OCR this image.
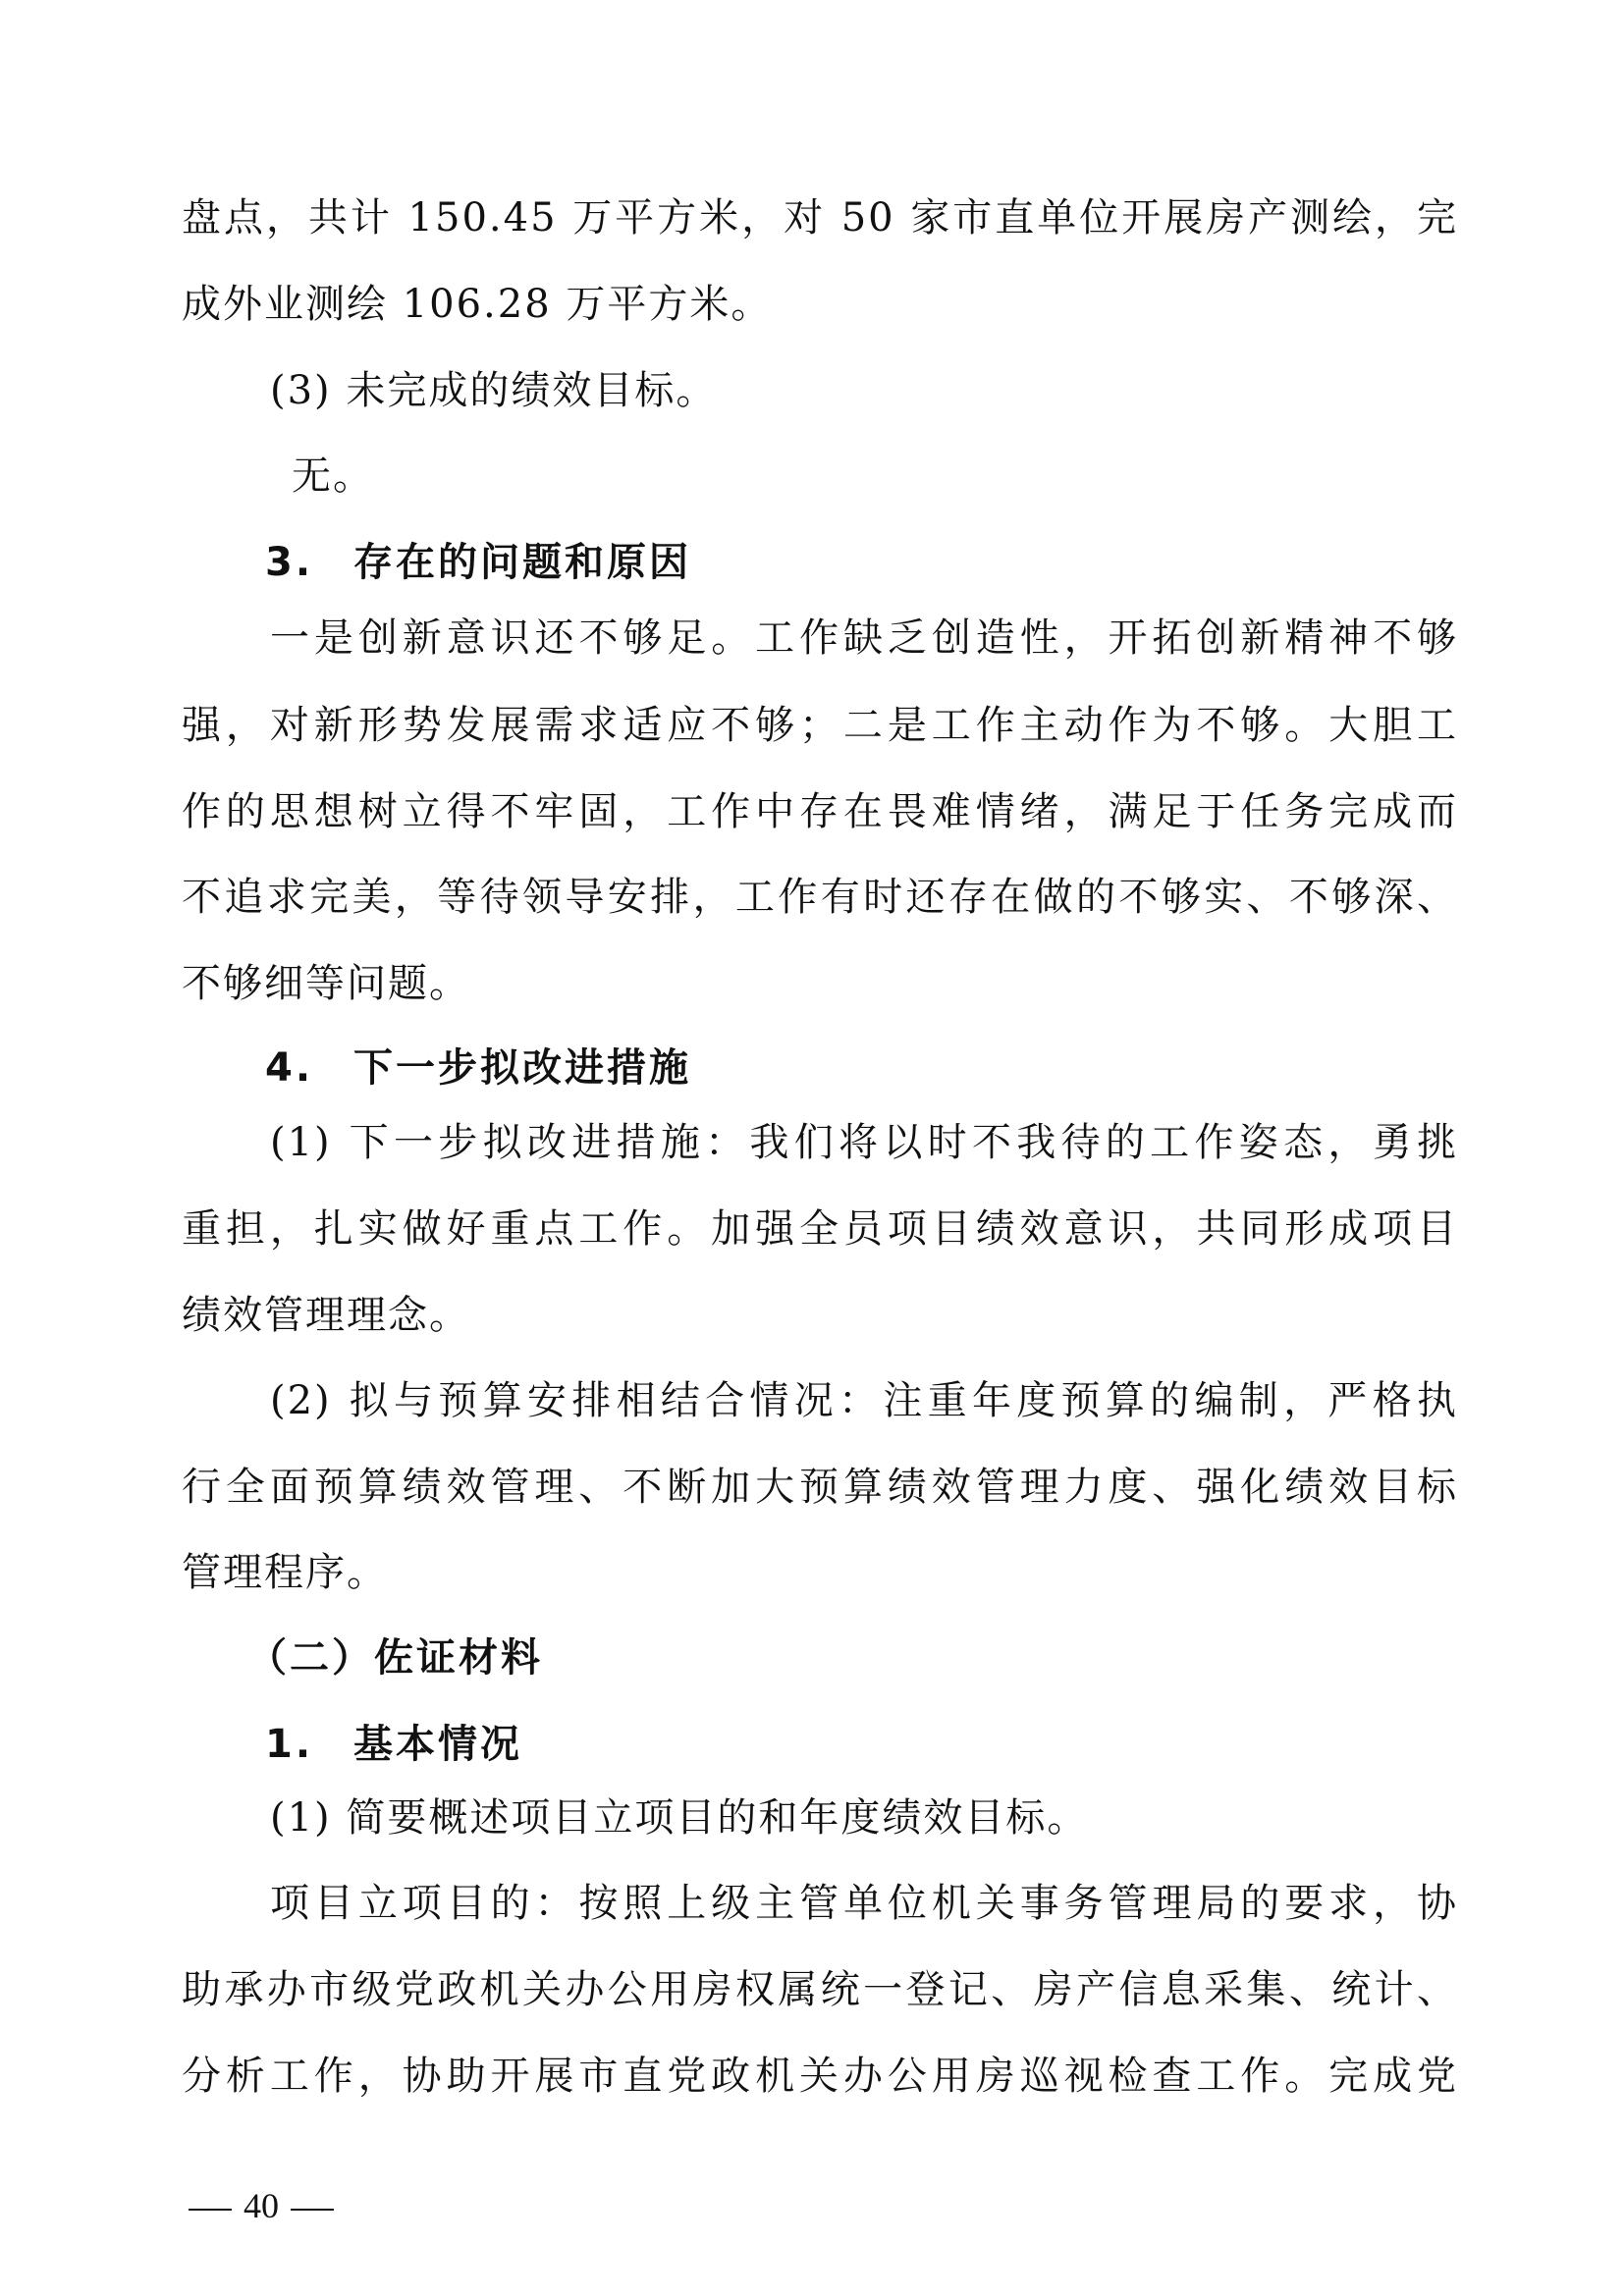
盘点，共计 150.45 万平方米，对 50 家市直单位开展房产测绘，完
成外业测绘 106.28 万平方米。
(3) 未完成的绩效目标。
无。
3. 存在的问题和原因
一是创新意识还不够足。工作缺乏创造性，开拓创新精神不够
强，对新形势发展需求适应不够；二是工作主动作为不够。大胆工
作的思想树立得不牢固，工作中存在畏难情绪，满足于任务完成而
不追求完美，等待领导安排，工作有时还存在做的不够实、不够深、
不够细等问题。
4. 下一步拟改进措施
(1) 下一步拟改进措施：我们将以时不我待的工作姿态，勇挑
重担，扎实做好重点工作。加强全员项目绩效意识，共同形成项目
绩效管理理念。
(2) 拟与预算安排相结合情况：注重年度预算的编制，严格执
行全面预算绩效管理、不断加大预算绩效管理力度、强化绩效目标
管理程序。
（二）佐证材料
1. 基本情况
(1) 简要概述项目立项目的和年度绩效目标。
项目立项目的：按照上级主管单位机关事务管理局的要求，协
助承办市级党政机关办公用房权属统一登记、房产信息采集、统计、
分析工作，协助开展市直党政机关办公用房巡视检查工作。完成党
40
